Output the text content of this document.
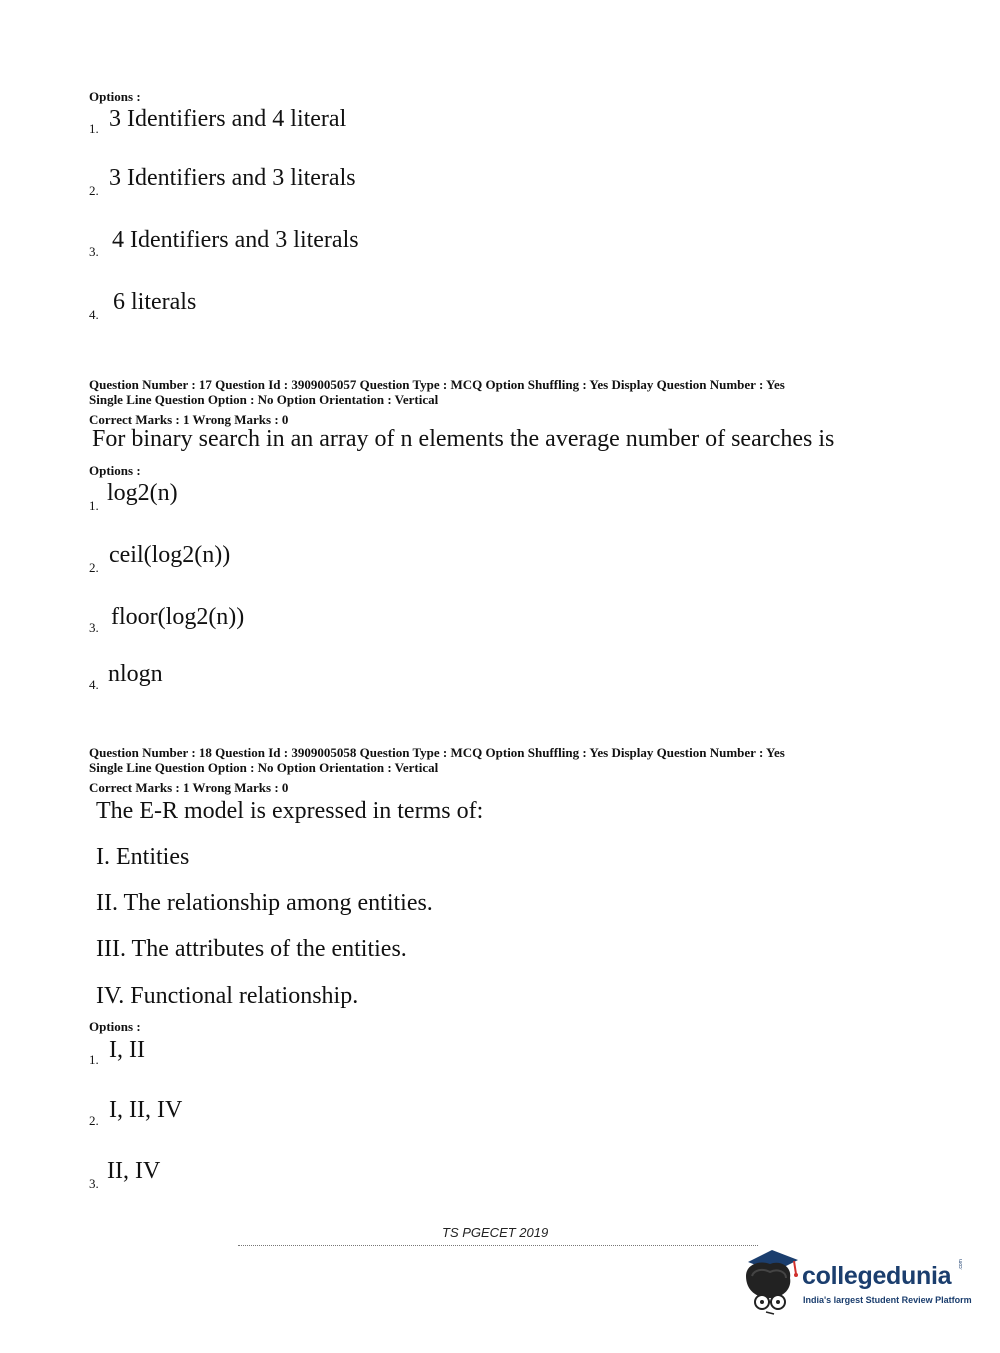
Options :
1. 3 Identifiers and 4 literal
2. 3 Identifiers and 3 literals
3. 4 Identifiers and 3 literals
4. 6 literals
Question Number : 17 Question Id : 3909005057 Question Type : MCQ Option Shuffling : Yes Display Question Number : Yes
Single Line Question Option : No Option Orientation : Vertical
Correct Marks : 1 Wrong Marks : 0
For binary search in an array of n elements the average number of searches is
Options :
1. log2(n)
2. ceil(log2(n))
3. floor(log2(n))
4. nlogn
Question Number : 18 Question Id : 3909005058 Question Type : MCQ Option Shuffling : Yes Display Question Number : Yes
Single Line Question Option : No Option Orientation : Vertical
Correct Marks : 1 Wrong Marks : 0
The E-R model is expressed in terms of:
I. Entities
II. The relationship among entities.
III. The attributes of the entities.
IV. Functional relationship.
Options :
1. I, II
2. I, II, IV
3. II, IV
TS PGECET 2019
collegedunia .com
India's largest Student Review Platform
